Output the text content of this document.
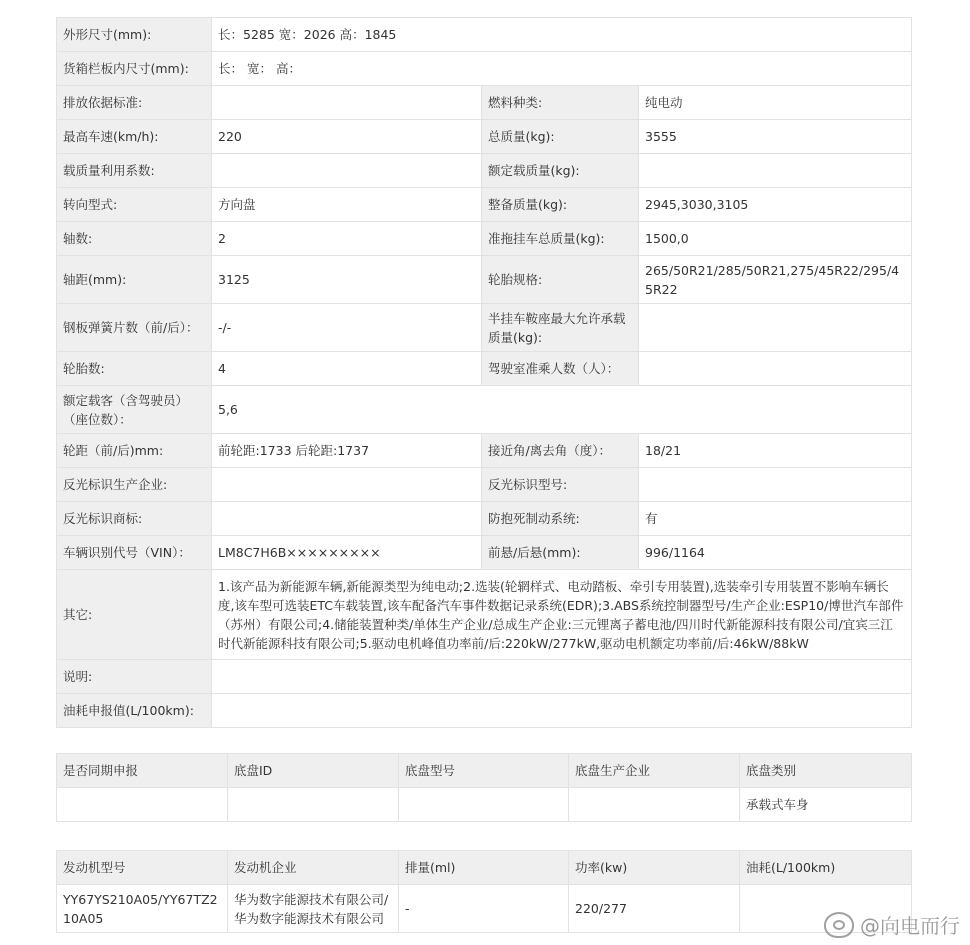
外形尺寸(mm):	长：5285 宽：2026 高：1845		
货箱栏板内尺寸(mm):	长： 宽： 高：		
排放依据标准:		燃料种类:	纯电动
最高车速(km/h):	220	总质量(kg):	3555
载质量利用系数:		额定载质量(kg):	
转向型式:	方向盘	整备质量(kg):	2945,3030,3105
轴数:	2	准拖挂车总质量(kg):	1500,0
轴距(mm):	3125	轮胎规格:	265/50R21/285/50R21,275/45R22/295/45R22
钢板弹簧片数（前/后）：	-/-	半挂车鞍座最大允许承载质量(kg):	
轮胎数:	4	驾驶室准乘人数（人）：	
额定载客（含驾驶员）（座位数）：	5,6		
轮距（前/后)mm:	前轮距:1733 后轮距:1737	接近角/离去角（度）：	18/21
反光标识生产企业:		反光标识型号:	
反光标识商标:		防抱死制动系统:	有
车辆识别代号（VIN）：	LM8C7H6B×××××××××	前悬/后悬(mm):	996/1164
其它:	1.该产品为新能源车辆,新能源类型为纯电动;2.选装(轮辋样式、电动踏板、牵引专用装置),选装牵引专用装置不影响车辆长度,该车型可选装ETC车载装置,该车配备汽车事件数据记录系统(EDR);3.ABS系统控制器型号/生产企业:ESP10/博世汽车部件（苏州）有限公司;4.储能装置种类/单体生产企业/总成生产企业:三元锂离子蓄电池/四川时代新能源科技有限公司/宜宾三江时代新能源科技有限公司;5.驱动电机峰值功率前/后:220kW/277kW,驱动电机额定功率前/后:46kW/88kW		
说明:			
油耗申报值(L/100km):			
是否同期申报	底盘ID	底盘型号	底盘生产企业	底盘类别
				承载式车身
发动机型号	发动机企业	排量(ml)	功率(kw)	油耗(L/100km)
YY67YS210A05/YY67TZ210A05	华为数字能源技术有限公司/华为数字能源技术有限公司	-	220/277	
@向电而行
